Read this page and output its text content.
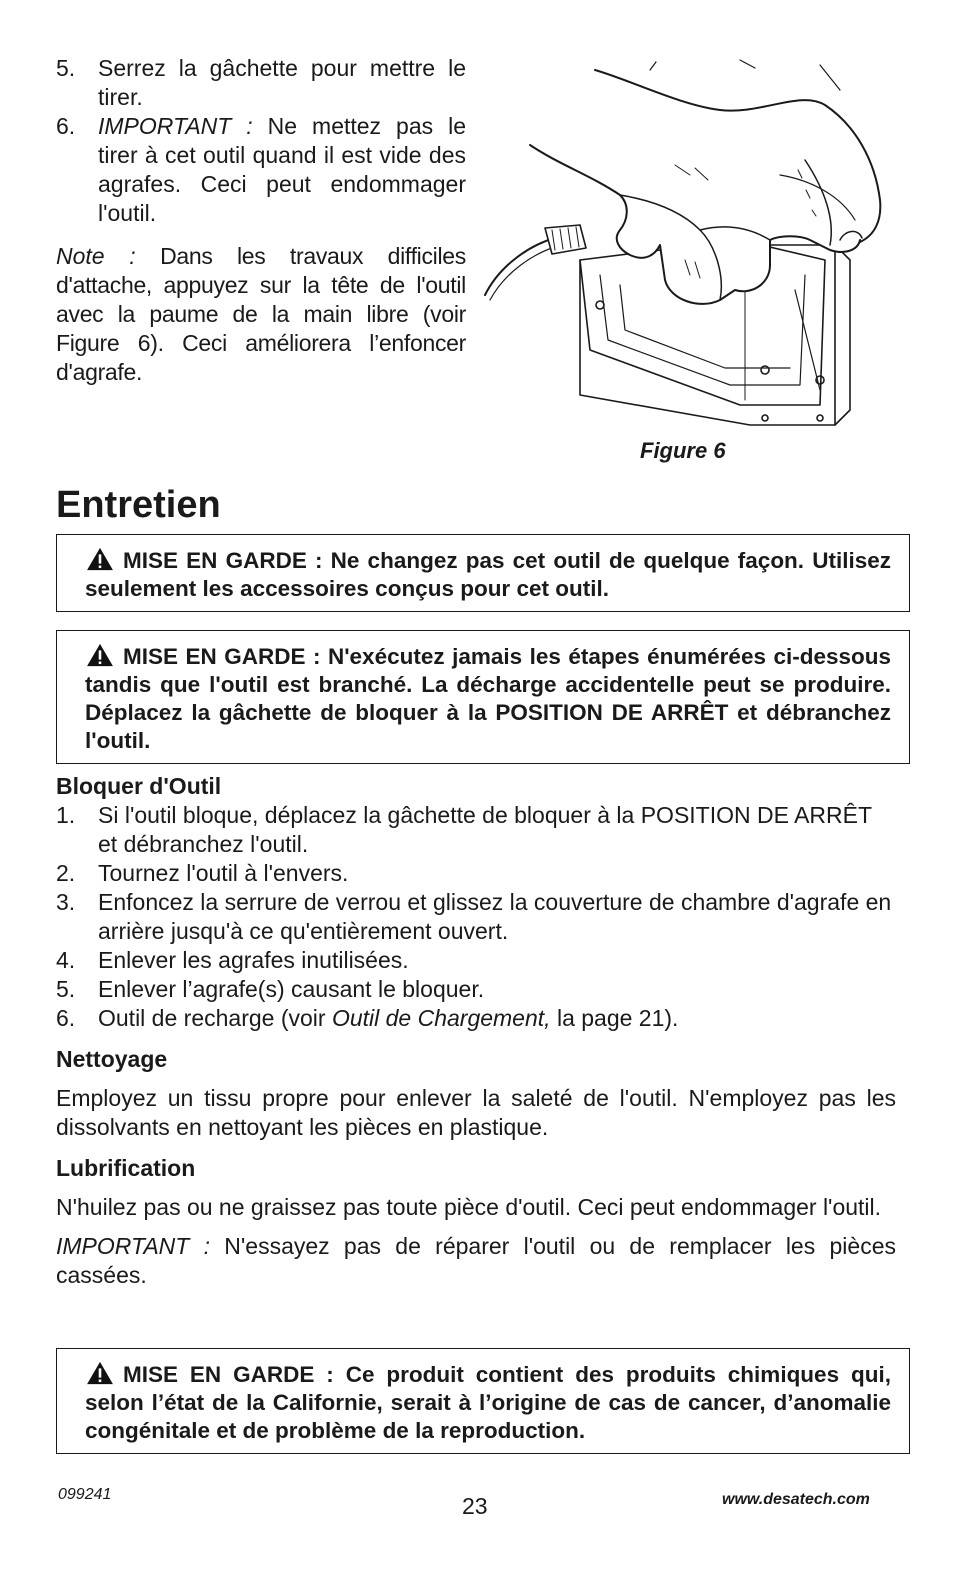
5. Serrez la gâchette pour mettre le tirer.
6. IMPORTANT : Ne mettez pas le tirer à cet outil quand il est vide des agrafes. Ceci peut endommager l'outil.
Note : Dans les travaux difficiles d'attache, appuyez sur la tête de l'outil avec la paume de la main libre (voir Figure 6). Ceci améliorera l’enfoncer d'agrafe.
Figure 6
Entretien
MISE EN GARDE : Ne changez pas cet outil de quelque façon. Utilisez seulement les accessoires conçus pour cet outil.
MISE EN GARDE : N'exécutez jamais les étapes énumérées ci-dessous tandis que l'outil est branché. La décharge accidentelle peut se produire. Déplacez la gâchette de bloquer à la POSITION DE ARRÊT et débranchez l'outil.
Bloquer d'Outil
1. Si l'outil bloque, déplacez la gâchette de bloquer à la POSITION DE ARRÊT et débranchez l'outil.
2. Tournez l'outil à l'envers.
3. Enfoncez la serrure de verrou et glissez la couverture de chambre d'agrafe en arrière jusqu'à ce qu'entièrement ouvert.
4. Enlever les agrafes inutilisées.
5. Enlever l’agrafe(s) causant le bloquer.
6. Outil de recharge (voir Outil de Chargement, la page 21).
Nettoyage
Employez un tissu propre pour enlever la saleté de l'outil. N'employez pas les dissolvants en nettoyant les pièces en plastique.
Lubrification
N'huilez pas ou ne graissez pas toute pièce d'outil. Ceci peut endommager l'outil.
IMPORTANT : N'essayez pas de réparer l'outil ou de remplacer les pièces cassées.
MISE EN GARDE : Ce produit contient des produits chimiques qui, selon l’état de la Californie, serait à l’origine de cas de cancer, d’anomalie congénitale et de problème de la reproduction.
099241	23	www.desatech.com
